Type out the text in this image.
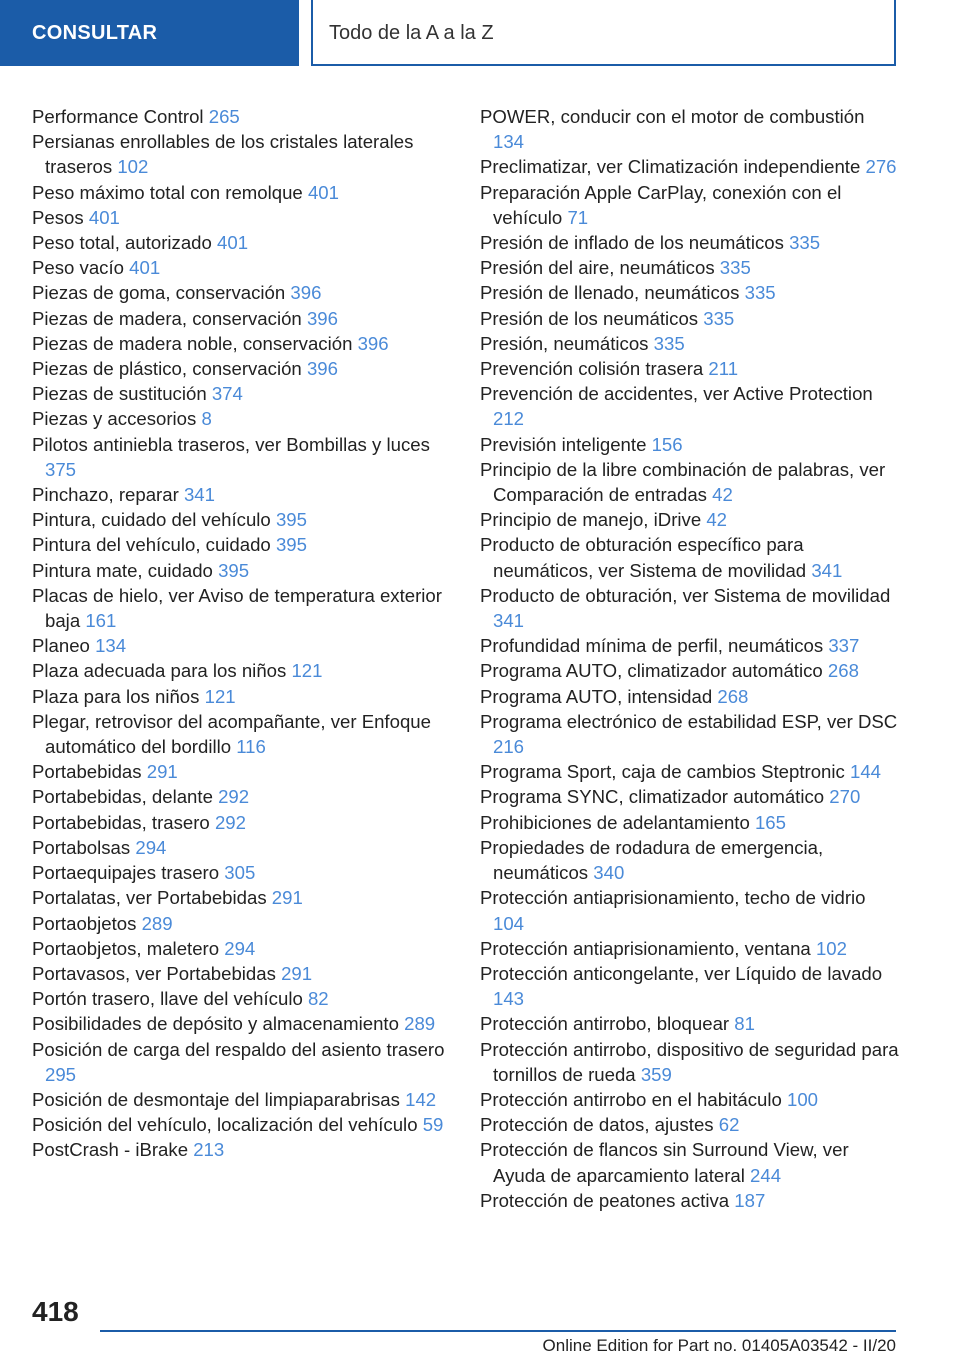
CONSULTAR	Todo de la A a la Z
Performance Control 265
Persianas enrollables de los cristales laterales traseros 102
Peso máximo total con remolque 401
Pesos 401
Peso total, autorizado 401
Peso vacío 401
Piezas de goma, conservación 396
Piezas de madera, conservación 396
Piezas de madera noble, conservación 396
Piezas de plástico, conservación 396
Piezas de sustitución 374
Piezas y accesorios 8
Pilotos antiniebla traseros, ver Bombillas y luces 375
Pinchazo, reparar 341
Pintura, cuidado del vehículo 395
Pintura del vehículo, cuidado 395
Pintura mate, cuidado 395
Placas de hielo, ver Aviso de temperatura exterior baja 161
Planeo 134
Plaza adecuada para los niños 121
Plaza para los niños 121
Plegar, retrovisor del acompañante, ver Enfoque automático del bordillo 116
Portabebidas 291
Portabebidas, delante 292
Portabebidas, trasero 292
Portabolsas 294
Portaequipajes trasero 305
Portalatas, ver Portabebidas 291
Portaobjetos 289
Portaobjetos, maletero 294
Portavasos, ver Portabebidas 291
Portón trasero, llave del vehículo 82
Posibilidades de depósito y almacenamiento 289
Posición de carga del respaldo del asiento trasero 295
Posición de desmontaje del limpiaparabrisas 142
Posición del vehículo, localización del vehículo 59
PostCrash - iBrake 213
POWER, conducir con el motor de combustión 134
Preclimatizar, ver Climatización independiente 276
Preparación Apple CarPlay, conexión con el vehículo 71
Presión de inflado de los neumáticos 335
Presión del aire, neumáticos 335
Presión de llenado, neumáticos 335
Presión de los neumáticos 335
Presión, neumáticos 335
Prevención colisión trasera 211
Prevención de accidentes, ver Active Protection 212
Previsión inteligente 156
Principio de la libre combinación de palabras, ver Comparación de entradas 42
Principio de manejo, iDrive 42
Producto de obturación específico para neumáticos, ver Sistema de movilidad 341
Producto de obturación, ver Sistema de movilidad 341
Profundidad mínima de perfil, neumáticos 337
Programa AUTO, climatizador automático 268
Programa AUTO, intensidad 268
Programa electrónico de estabilidad ESP, ver DSC 216
Programa Sport, caja de cambios Steptronic 144
Programa SYNC, climatizador automático 270
Prohibiciones de adelantamiento 165
Propiedades de rodadura de emergencia, neumáticos 340
Protección antiaprisionamiento, techo de vidrio 104
Protección antiaprisionamiento, ventana 102
Protección anticongelante, ver Líquido de lavado 143
Protección antirrobo, bloquear 81
Protección antirrobo, dispositivo de seguridad para tornillos de rueda 359
Protección antirrobo en el habitáculo 100
Protección de datos, ajustes 62
Protección de flancos sin Surround View, ver Ayuda de aparcamiento lateral 244
Protección de peatones activa 187
418
Online Edition for Part no. 01405A03542 - II/20
